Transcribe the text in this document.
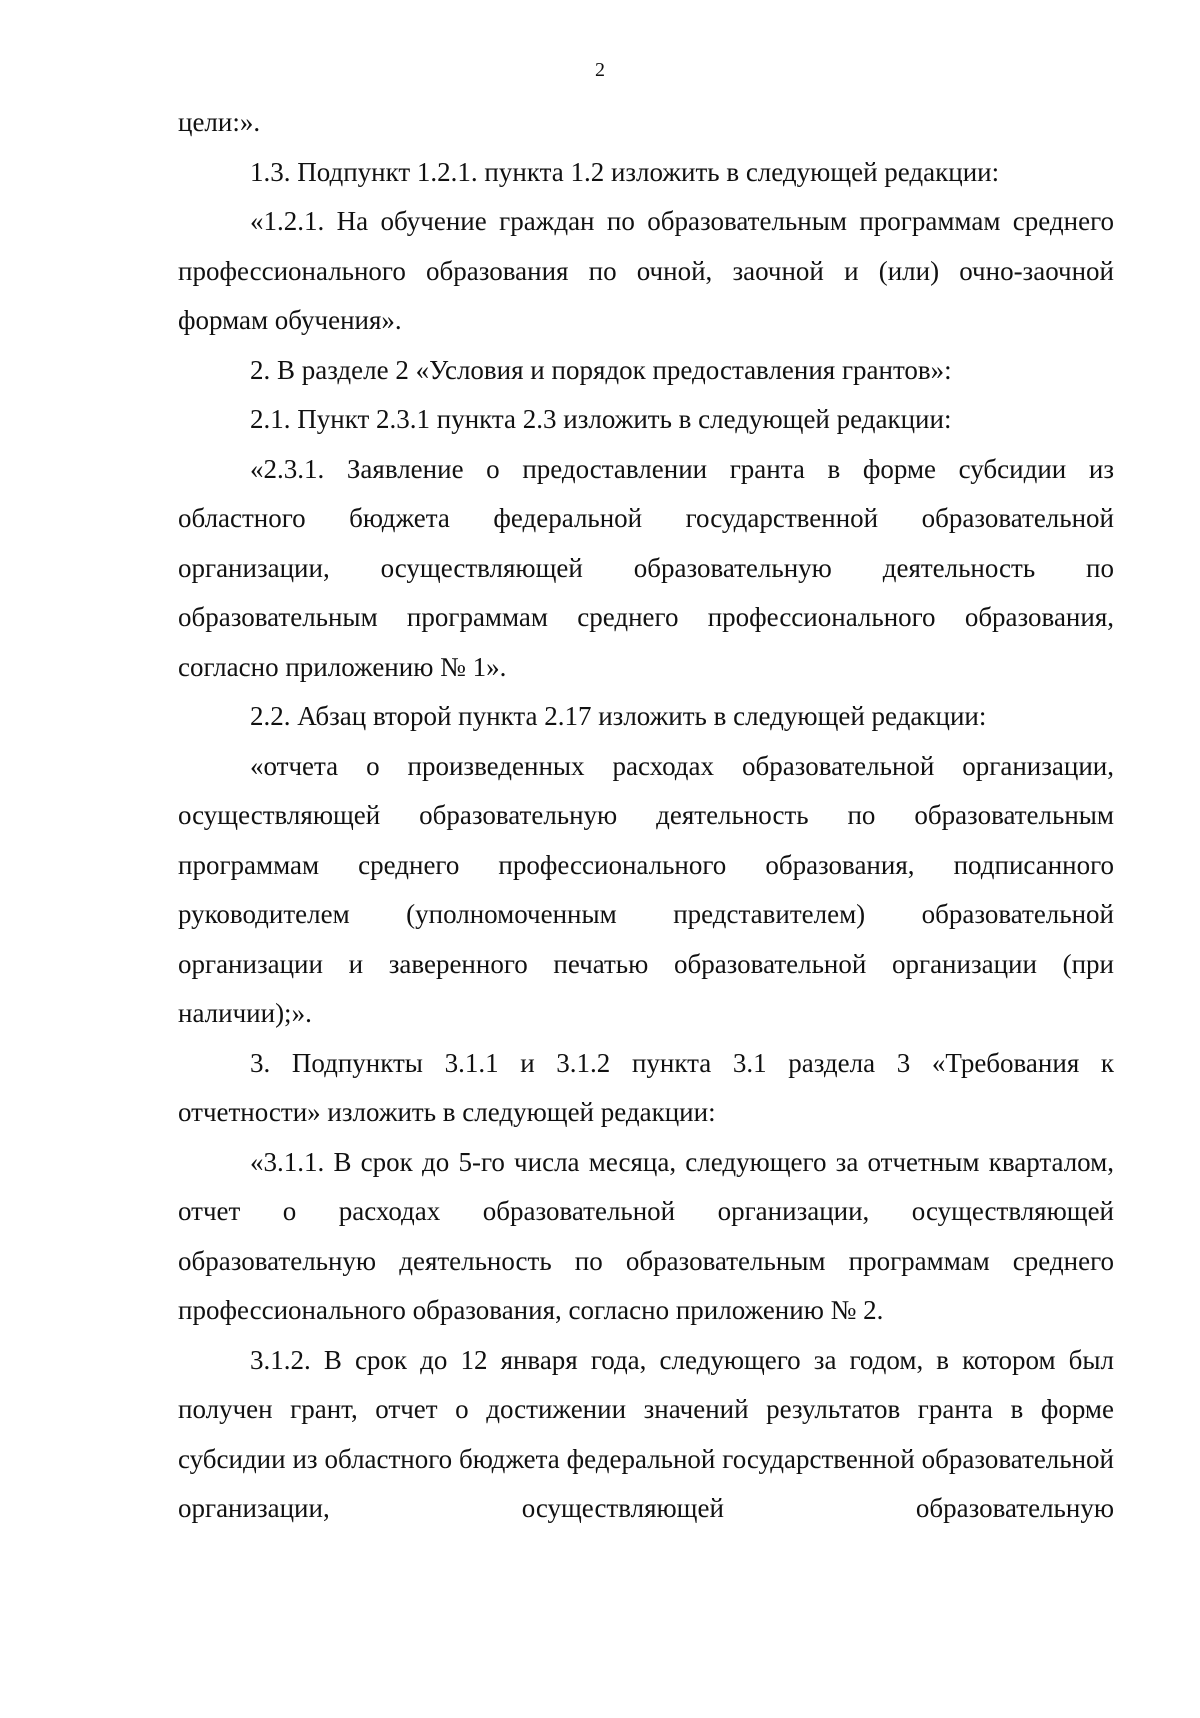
2

цели:».

1.3. Подпункт 1.2.1. пункта 1.2 изложить в следующей редакции:

«1.2.1. На обучение граждан по образовательным программам среднего профессионального образования по очной, заочной и (или) очно-заочной формам обучения».

2. В разделе 2 «Условия и порядок предоставления грантов»:

2.1. Пункт 2.3.1 пункта 2.3 изложить в следующей редакции:

«2.3.1. Заявление о предоставлении гранта в форме субсидии из областного бюджета федеральной государственной образовательной организации, осуществляющей образовательную деятельность по образовательным программам среднего профессионального образования, согласно приложению № 1».

2.2. Абзац второй пункта 2.17 изложить в следующей редакции:

«отчета о произведенных расходах образовательной организации, осуществляющей образовательную деятельность по образовательным программам среднего профессионального образования, подписанного руководителем (уполномоченным представителем) образовательной организации и заверенного печатью образовательной организации (при наличии);».

3. Подпункты 3.1.1 и 3.1.2 пункта 3.1 раздела 3 «Требования к отчетности» изложить в следующей редакции:

«3.1.1. В срок до 5-го числа месяца, следующего за отчетным кварталом, отчет о расходах образовательной организации, осуществляющей образовательную деятельность по образовательным программам среднего профессионального образования, согласно приложению № 2.

3.1.2. В срок до 12 января года, следующего за годом, в котором был получен грант, отчет о достижении значений результатов гранта в форме субсидии из областного бюджета федеральной государственной образовательной организации, осуществляющей образовательную
